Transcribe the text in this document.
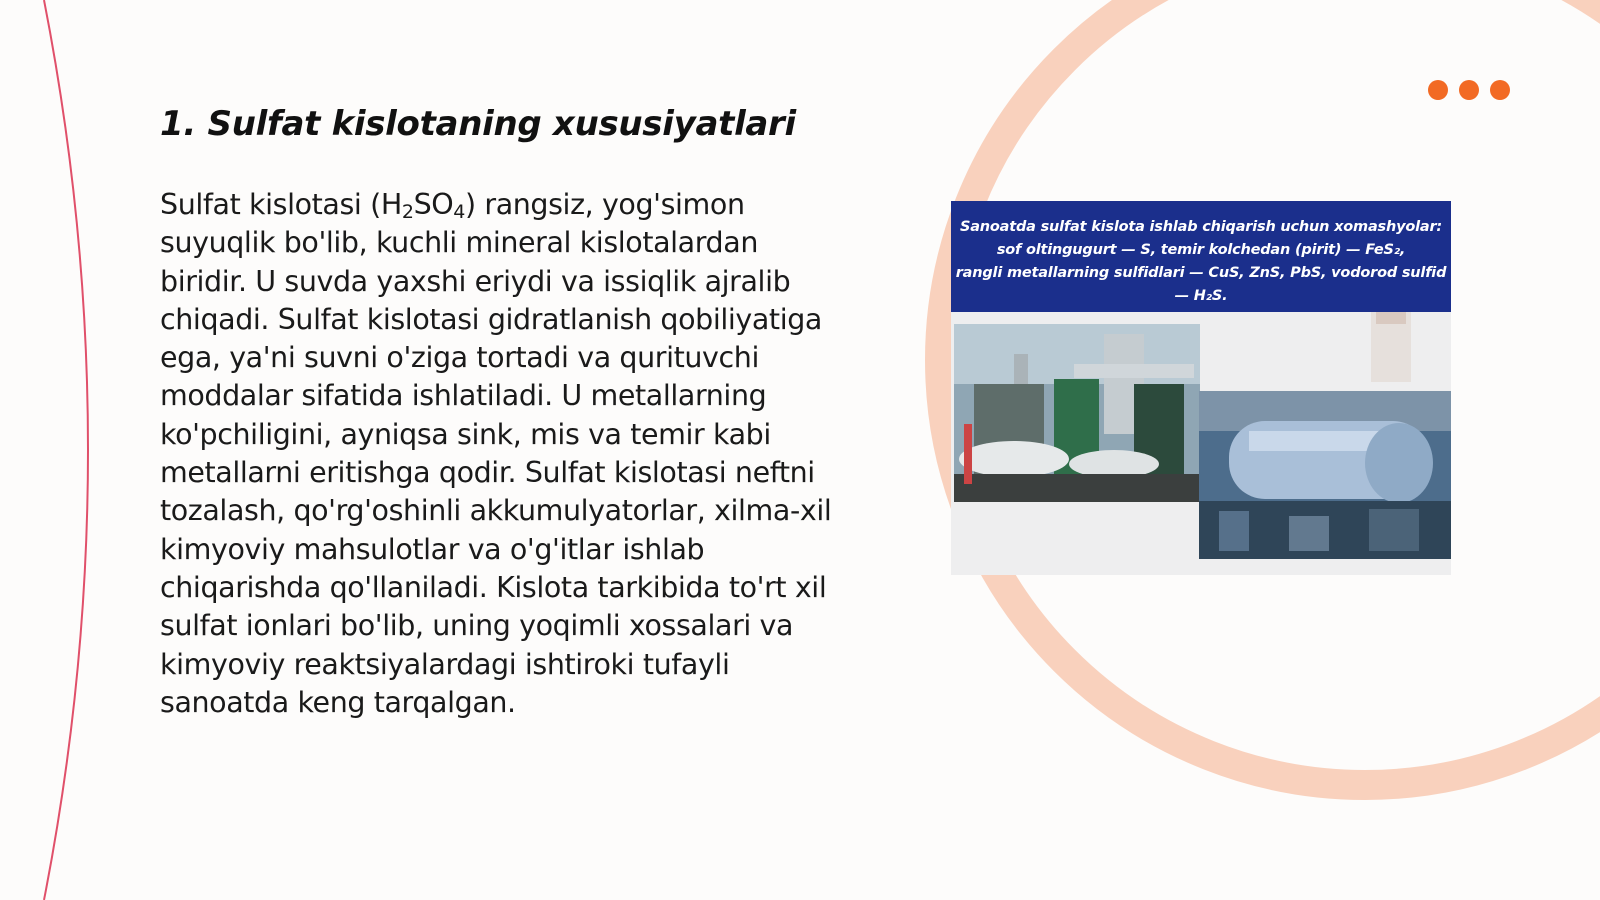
1. Sulfat kislotaning xususiyatlari

Sulfat kislotasi $(H_2SO_4)$ rangsiz, yog'simon suyuqlik bo'lib, kuchli mineral kislotalardan biridir. U suvda yaxshi eriydi va issiqlik ajralib chiqadi. Sulfat kislotasi gidratlanish qobiliyatiga ega, ya'ni suvni o'ziga tortadi va qurituvchi moddalar sifatida ishlatiladi. U metallarning ko'pchiligini, ayniqsa sink, mis va temir kabi metallarni eritishga qodir. Sulfat kislotasi neftni tozalash, qo'rg'oshinli akkumulyatorlar, xilma-xil kimyoviy mahsulotlar va o'g'itlar ishlab chiqarishda qo'llaniladi. Kislota tarkibida to'rt xil sulfat ionlari bo'lib, uning yoqimli xossalari va kimyoviy reaktsiyalardagi ishtiroki tufayli sanoatda keng tarqalgan.

Sanoatda sulfat kislota ishlab chiqarish uchun xomashyolar:
sof oltingugurt — S, temir kolchedan (pirit) — FeS₂,
rangli metallarning sulfidlari — CuS, ZnS, PbS, vodorod sulfid
— H₂S.
